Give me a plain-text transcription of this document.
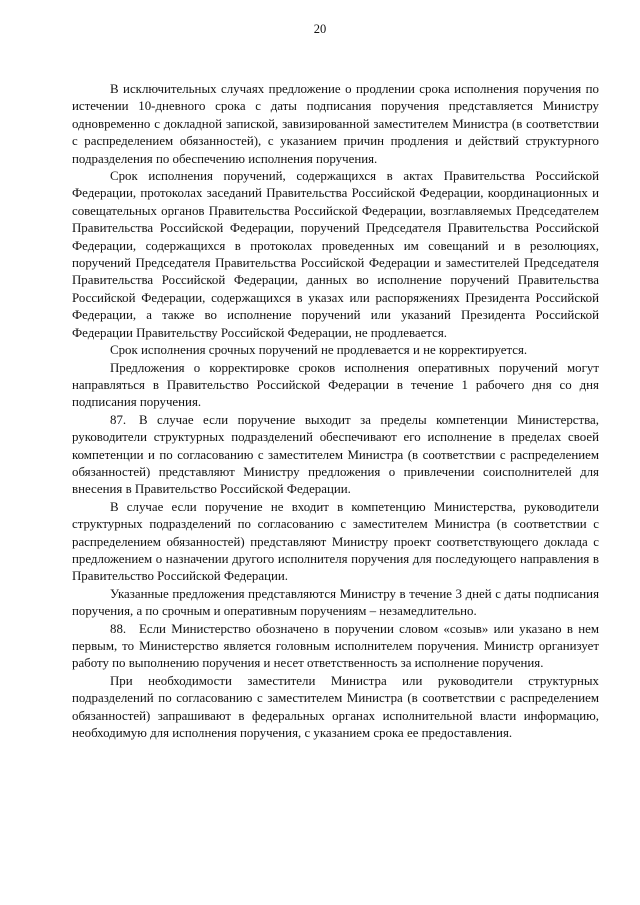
20

В исключительных случаях предложение о продлении срока исполнения поручения по истечении 10-дневного срока с даты подписания поручения представляется Министру одновременно с докладной запиской, завизированной заместителем Министра (в соответствии с распределением обязанностей), с указанием причин продления и действий структурного подразделения по обеспечению исполнения поручения.

Срок исполнения поручений, содержащихся в актах Правительства Российской Федерации, протоколах заседаний Правительства Российской Федерации, координационных и совещательных органов Правительства Российской Федерации, возглавляемых Председателем Правительства Российской Федерации, поручений Председателя Правительства Российской Федерации, содержащихся в протоколах проведенных им совещаний и в резолюциях, поручений Председателя Правительства Российской Федерации и заместителей Председателя Правительства Российской Федерации, данных во исполнение поручений Правительства Российской Федерации, содержащихся в указах или распоряжениях Президента Российской Федерации, а также во исполнение поручений или указаний Президента Российской Федерации Правительству Российской Федерации, не продлевается.

Срок исполнения срочных поручений не продлевается и не корректируется.

Предложения о корректировке сроков исполнения оперативных поручений могут направляться в Правительство Российской Федерации в течение 1 рабочего дня со дня подписания поручения.

87. В случае если поручение выходит за пределы компетенции Министерства, руководители структурных подразделений обеспечивают его исполнение в пределах своей компетенции и по согласованию с заместителем Министра (в соответствии с распределением обязанностей) представляют Министру предложения о привлечении соисполнителей для внесения в Правительство Российской Федерации.

В случае если поручение не входит в компетенцию Министерства, руководители структурных подразделений по согласованию с заместителем Министра (в соответствии с распределением обязанностей) представляют Министру проект соответствующего доклада с предложением о назначении другого исполнителя поручения для последующего направления в Правительство Российской Федерации.

Указанные предложения представляются Министру в течение 3 дней с даты подписания поручения, а по срочным и оперативным поручениям – незамедлительно.

88. Если Министерство обозначено в поручении словом «созыв» или указано в нем первым, то Министерство является головным исполнителем поручения. Министр организует работу по выполнению поручения и несет ответственность за исполнение поручения.

При необходимости заместители Министра или руководители структурных подразделений по согласованию с заместителем Министра (в соответствии с распределением обязанностей) запрашивают в федеральных органах исполнительной власти информацию, необходимую для исполнения поручения, с указанием срока ее предоставления.
